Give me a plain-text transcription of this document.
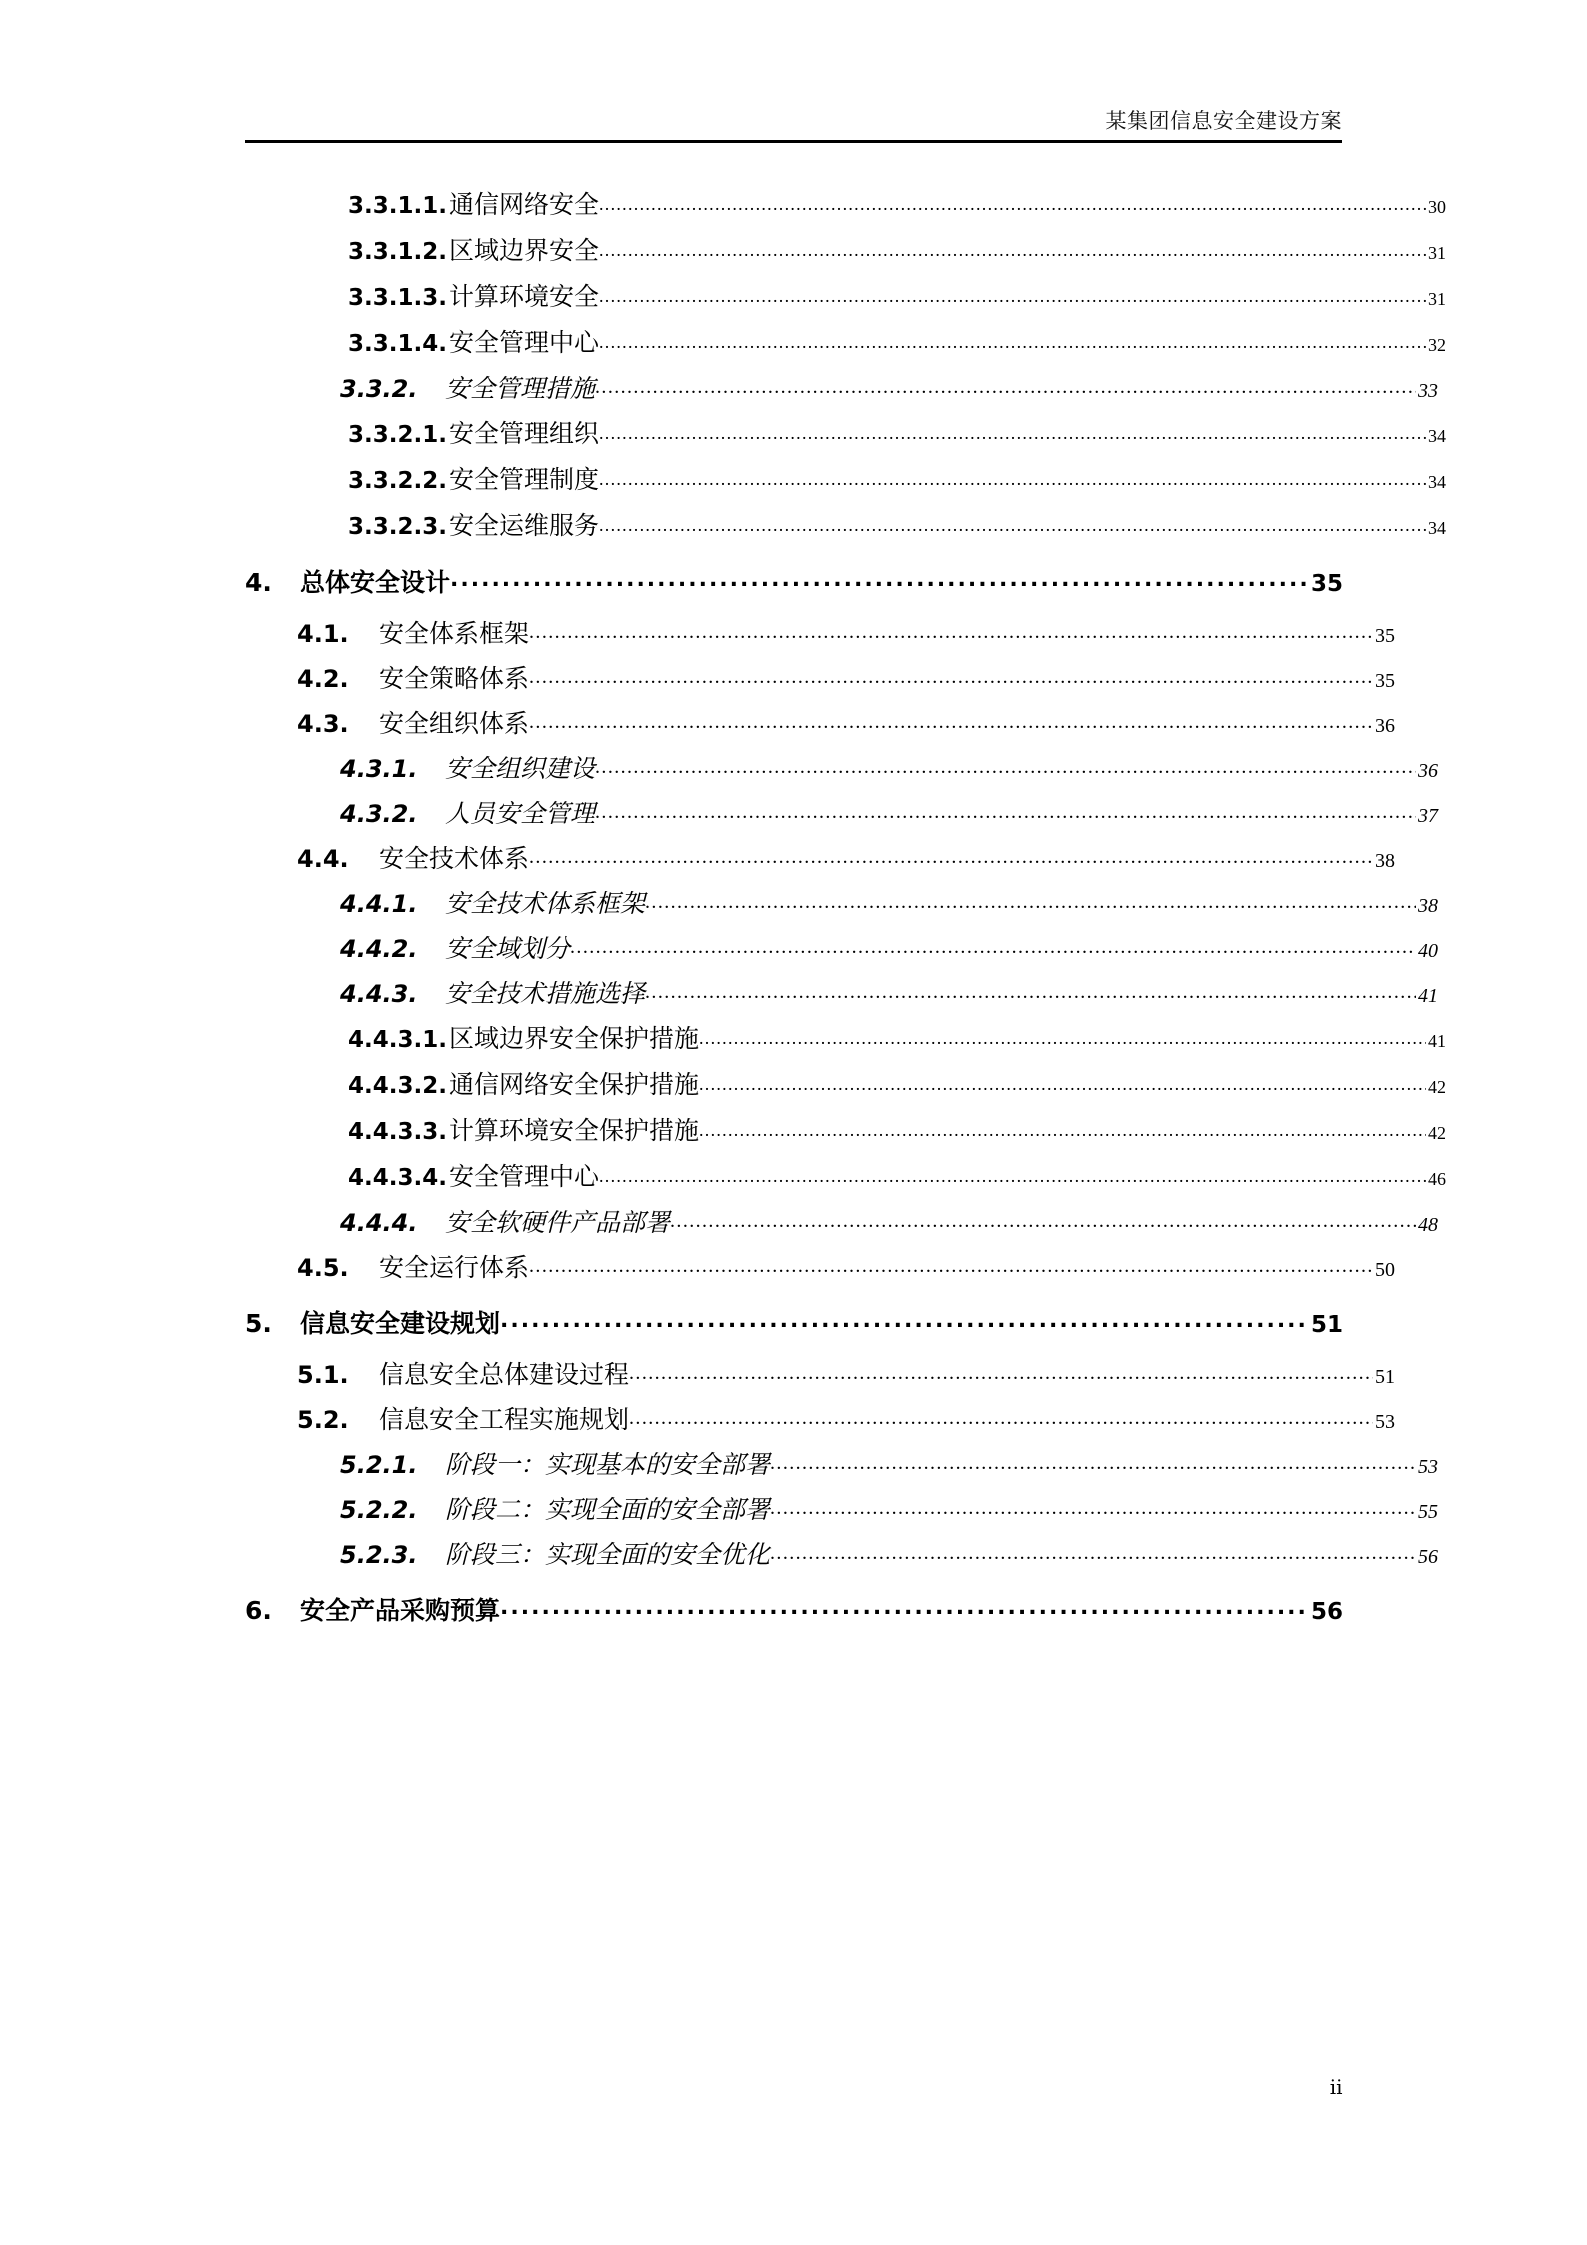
某集团信息安全建设方案
3.3.1.1. 通信网络安全 .....	30
3.3.1.2. 区域边界安全 .....	31
3.3.1.3. 计算环境安全 .....	31
3.3.1.4. 安全管理中心 .....	32
3.3.2.	安全管理措施 .....	33
3.3.2.1. 安全管理组织 .....	34
3.3.2.2. 安全管理制度 .....	34
3.3.2.3. 安全运维服务 .....	34
4.	总体安全设计 .....	35
4.1.	安全体系框架 .....	35
4.2.	安全策略体系 .....	35
4.3.	安全组织体系 .....	36
4.3.1.	安全组织建设 .....	36
4.3.2.	人员安全管理 .....	37
4.4.	安全技术体系 .....	38
4.4.1.	安全技术体系框架 .....	38
4.4.2.	安全域划分 .....	40
4.4.3.	安全技术措施选择 .....	41
4.4.3.1. 区域边界安全保护措施 .....	41
4.4.3.2. 通信网络安全保护措施 .....	42
4.4.3.3. 计算环境安全保护措施 .....	42
4.4.3.4. 安全管理中心 .....	46
4.4.4.	安全软硬件产品部署 .....	48
4.5.	安全运行体系 .....	50
5.	信息安全建设规划 .....	51
5.1.	信息安全总体建设过程 .....	51
5.2.	信息安全工程实施规划 .....	53
5.2.1.	阶段一：实现基本的安全部署 .....	53
5.2.2.	阶段二：实现全面的安全部署 .....	55
5.2.3.	阶段三：实现全面的安全优化 .....	56
6.	安全产品采购预算 .....	56
ii
